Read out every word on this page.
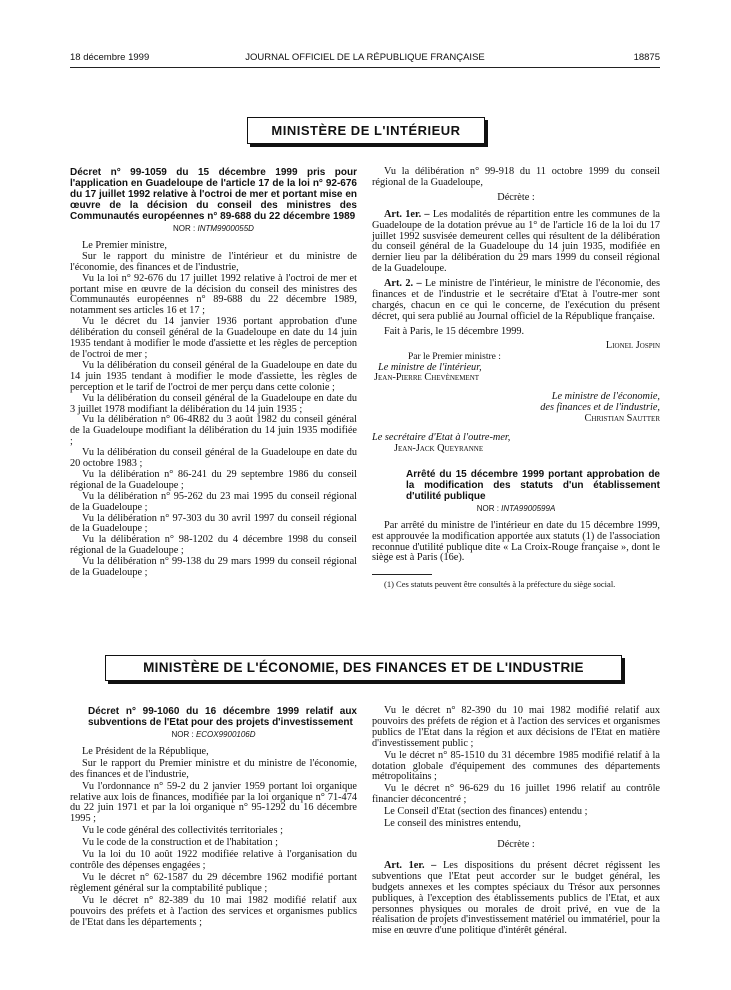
18 décembre 1999	JOURNAL OFFICIEL DE LA RÉPUBLIQUE FRANÇAISE	18875
MINISTÈRE DE L'INTÉRIEUR
Décret n° 99-1059 du 15 décembre 1999 pris pour l'application en Guadeloupe de l'article 17 de la loi n° 92-676 du 17 juillet 1992 relative à l'octroi de mer et portant mise en œuvre de la décision du conseil des ministres des Communautés européennes n° 89-688 du 22 décembre 1989
NOR : INTM9900055D

Le Premier ministre,

Sur le rapport du ministre de l'intérieur et du ministre de l'économie, des finances et de l'industrie,

Vu la loi n° 92-676 du 17 juillet 1992 relative à l'octroi de mer et portant mise en œuvre de la décision du conseil des ministres des Communautés européennes n° 89-688 du 22 décembre 1989, notamment ses articles 16 et 17 ;

Vu le décret du 14 janvier 1936 portant approbation d'une délibération du conseil général de la Guadeloupe en date du 14 juin 1935 tendant à modifier le mode d'assiette et les règles de perception de l'octroi de mer ;

Vu la délibération du conseil général de la Guadeloupe en date du 14 juin 1935 tendant à modifier le mode d'assiette, les règles de perception et le tarif de l'octroi de mer perçu dans cette colonie ;

Vu la délibération du conseil général de la Guadeloupe en date du 3 juillet 1978 modifiant la délibération du 14 juin 1935 ;

Vu la délibération n° 06-4R82 du 3 août 1982 du conseil général de la Guadeloupe modifiant la délibération du 14 juin 1935 modifiée ;

Vu la délibération du conseil général de la Guadeloupe en date du 20 octobre 1983 ;

Vu la délibération n° 86-241 du 29 septembre 1986 du conseil régional de la Guadeloupe ;

Vu la délibération n° 95-262 du 23 mai 1995 du conseil régional de la Guadeloupe ;

Vu la délibération n° 97-303 du 30 avril 1997 du conseil régional de la Guadeloupe ;

Vu la délibération n° 98-1202 du 4 décembre 1998 du conseil régional de la Guadeloupe ;

Vu la délibération n° 99-138 du 29 mars 1999 du conseil régional de la Guadeloupe ;

Vu la délibération n° 99-918 du 11 octobre 1999 du conseil régional de la Guadeloupe,

Décrète :

Art. 1er. – Les modalités de répartition entre les communes de la Guadeloupe de la dotation prévue au 1° de l'article 16 de la loi du 17 juillet 1992 susvisée demeurent celles qui résultent de la délibération du conseil général de la Guadeloupe du 14 juin 1935, modifiée en dernier lieu par la délibération du 29 mars 1999 du conseil régional de la Guadeloupe.

Art. 2. – Le ministre de l'intérieur, le ministre de l'économie, des finances et de l'industrie et le secrétaire d'Etat à l'outre-mer sont chargés, chacun en ce qui le concerne, de l'exécution du présent décret, qui sera publié au Journal officiel de la République française.

Fait à Paris, le 15 décembre 1999.

Lionel Jospin

Par le Premier ministre :

Le ministre de l'intérieur,

Jean-Pierre Chevènement

Le ministre de l'économie,

des finances et de l'industrie,

Christian Sautter

Le secrétaire d'Etat à l'outre-mer,

Jean-Jack Queyranne

Arrêté du 15 décembre 1999 portant approbation de la modification des statuts d'un établissement d'utilité publique
NOR : INTA9900599A

Par arrêté du ministre de l'intérieur en date du 15 décembre 1999, est approuvée la modification apportée aux statuts (1) de l'association reconnue d'utilité publique dite « La Croix-Rouge française », dont le siège est à Paris (16e).

(1) Ces statuts peuvent être consultés à la préfecture du siège social.

MINISTÈRE DE L'ÉCONOMIE, DES FINANCES ET DE L'INDUSTRIE
Décret n° 99-1060 du 16 décembre 1999 relatif aux subventions de l'Etat pour des projets d'investissement
NOR : ECOX9900106D

Le Président de la République,

Sur le rapport du Premier ministre et du ministre de l'économie, des finances et de l'industrie,

Vu l'ordonnance n° 59-2 du 2 janvier 1959 portant loi organique relative aux lois de finances, modifiée par la loi organique n° 71-474 du 22 juin 1971 et par la loi organique n° 95-1292 du 16 décembre 1995 ;

Vu le code général des collectivités territoriales ;

Vu le code de la construction et de l'habitation ;

Vu la loi du 10 août 1922 modifiée relative à l'organisation du contrôle des dépenses engagées ;

Vu le décret n° 62-1587 du 29 décembre 1962 modifié portant règlement général sur la comptabilité publique ;

Vu le décret n° 82-389 du 10 mai 1982 modifié relatif aux pouvoirs des préfets et à l'action des services et organismes publics de l'Etat dans les départements ;

Vu le décret n° 82-390 du 10 mai 1982 modifié relatif aux pouvoirs des préfets de région et à l'action des services et organismes publics de l'Etat dans la région et aux décisions de l'Etat en matière d'investissement public ;

Vu le décret n° 85-1510 du 31 décembre 1985 modifié relatif à la dotation globale d'équipement des communes des départements métropolitains ;

Vu le décret n° 96-629 du 16 juillet 1996 relatif au contrôle financier déconcentré ;

Le Conseil d'Etat (section des finances) entendu ;

Le conseil des ministres entendu,

Décrète :

Art. 1er. – Les dispositions du présent décret régissent les subventions que l'Etat peut accorder sur le budget général, les budgets annexes et les comptes spéciaux du Trésor aux personnes publiques, à l'exception des établissements publics de l'Etat, et aux personnes physiques ou morales de droit privé, en vue de la réalisation de projets d'investissement matériel ou immatériel, pour la mise en œuvre d'une politique d'intérêt général.
